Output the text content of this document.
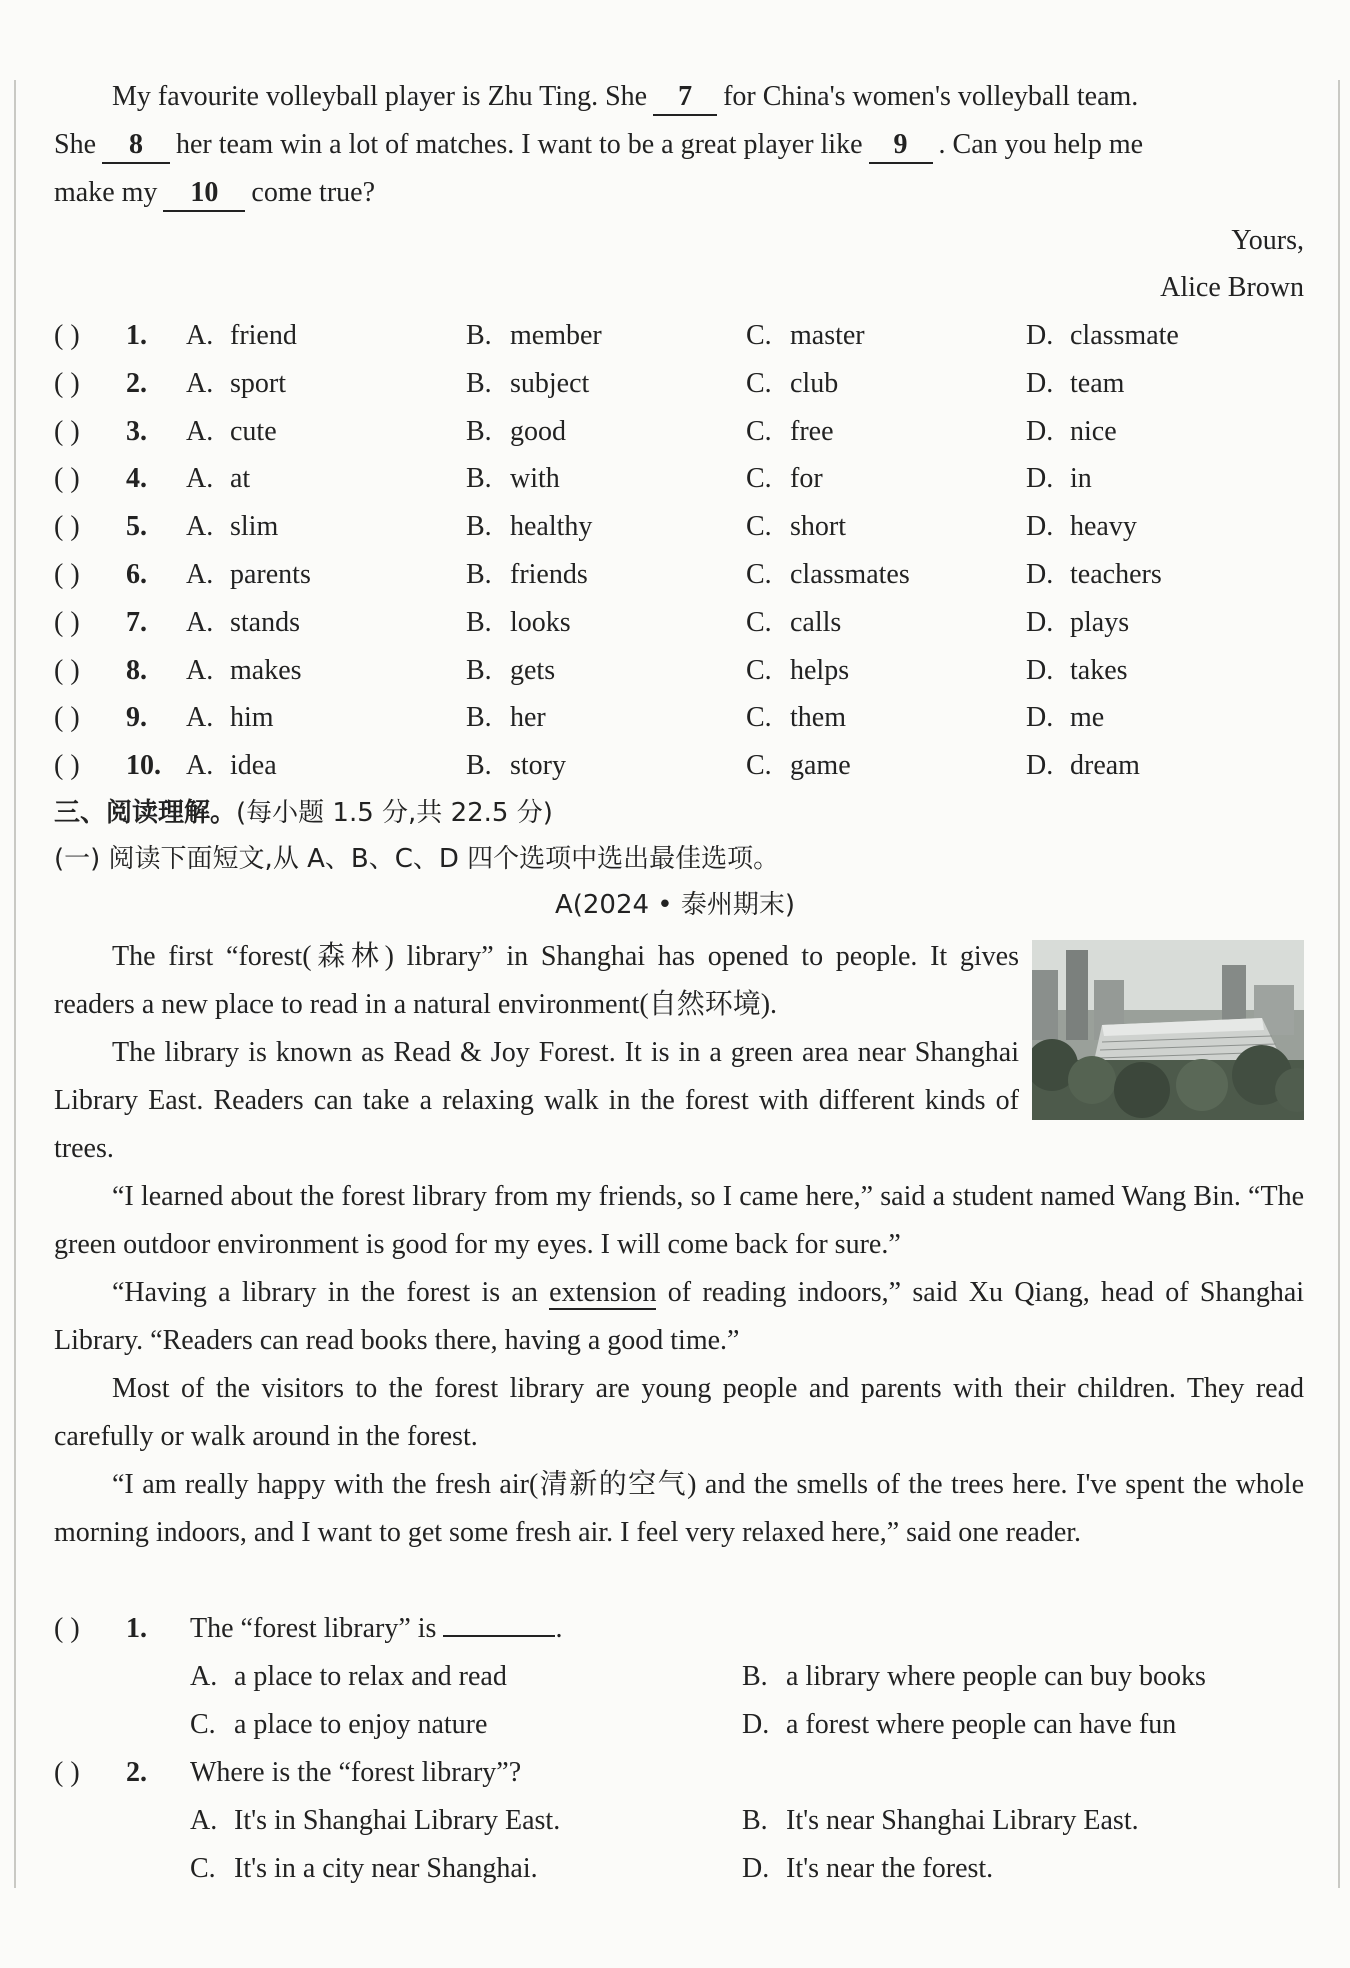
My favourite volleyball player is Zhu Ting. She 7 for China's women's volleyball team.
She 8 her team win a lot of matches. I want to be a great player like 9 . Can you help me
make my 10 come true?
Yours,
Alice Brown
( ) 1. A. friend	B. member	C. master	D. classmate
( ) 2. A. sport	B. subject	C. club	D. team
( ) 3. A. cute	B. good	C. free	D. nice
( ) 4. A. at	B. with	C. for	D. in
( ) 5. A. slim	B. healthy	C. short	D. heavy
( ) 6. A. parents	B. friends	C. classmates	D. teachers
( ) 7. A. stands	B. looks	C. calls	D. plays
( ) 8. A. makes	B. gets	C. helps	D. takes
( ) 9. A. him	B. her	C. them	D. me
( ) 10. A. idea	B. story	C. game	D. dream
三、阅读理解。(每小题 1.5 分,共 22.5 分)
(一) 阅读下面短文,从 A、B、C、D 四个选项中选出最佳选项。
A(2024 • 泰州期末)

The first “forest(森林) library” in Shanghai has opened to people. It gives readers a new place to read in a natural environment(自然环境).

The library is known as Read & Joy Forest. It is in a green area near Shanghai Library East. Readers can take a relaxing walk in the forest with different kinds of trees.

“I learned about the forest library from my friends, so I came here,” said a student named Wang Bin. “The green outdoor environment is good for my eyes. I will come back for sure.”

“Having a library in the forest is an extension of reading indoors,” said Xu Qiang, head of Shanghai Library. “Readers can read books there, having a good time.”

Most of the visitors to the forest library are young people and parents with their children. They read carefully or walk around in the forest.

“I am really happy with the fresh air(清新的空气) and the smells of the trees here. I've spent the whole morning indoors, and I want to get some fresh air. I feel very relaxed here,” said one reader.

( ) 1. The “forest library” is	.
A. a place to relax and read	B. a library where people can buy books
C. a place to enjoy nature	D. a forest where people can have fun
( ) 2. Where is the “forest library”?
A. It's in Shanghai Library East.	B. It's near Shanghai Library East.
C. It's in a city near Shanghai.	D. It's near the forest.
